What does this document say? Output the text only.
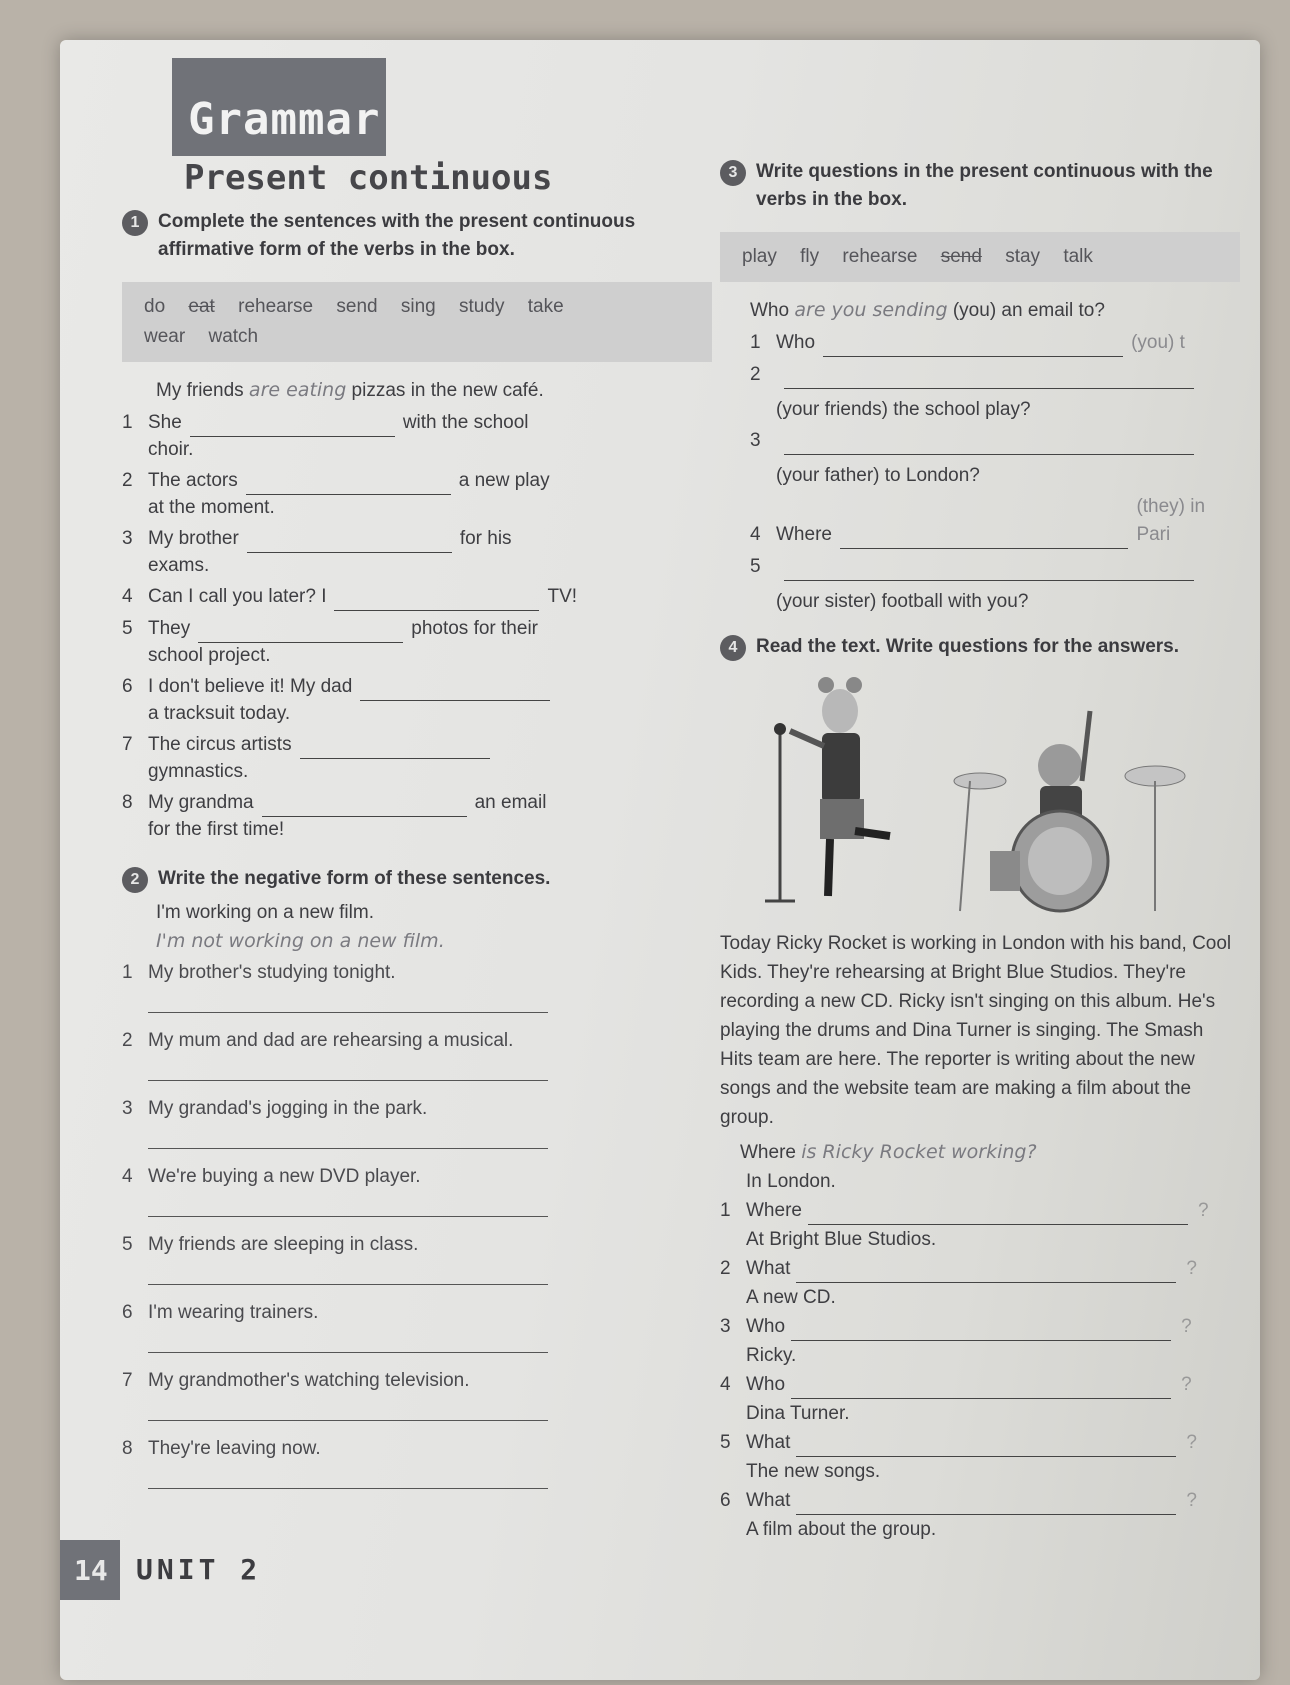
Grammar
Present continuous
1 Complete the sentences with the present continuous affirmative form of the verbs in the box.
do eat rehearse send sing study take
wear watch
My friends are eating pizzas in the new café.
1 She	with the school
choir.
2 The actors	a new play
at the moment.
3 My brother	for his
exams.
4 Can I call you later? I	TV!
5 They	photos for their
school project.
6 I don't believe it! My dad
a tracksuit today.
7 The circus artists
gymnastics.
8 My grandma	an email
for the first time!
2 Write the negative form of these sentences.
I'm working on a new film.
I'm not working on a new film.
1 My brother's studying tonight.
2 My mum and dad are rehearsing a musical.
3 My grandad's jogging in the park.
4 We're buying a new DVD player.
5 My friends are sleeping in class.
6 I'm wearing trainers.
7 My grandmother's watching television.
8 They're leaving now.
3 Write questions in the present continuous with the verbs in the box.
play fly rehearse send stay talk
Who are you sending (you) an email to?
1 Who	(you) t
2
(your friends) the school play?
3
(your father) to London?
4 Where
(they) in Pari
5
(your sister) football with you?
4 Read the text. Write questions for the answers.
Today Ricky Rocket is working in London with his band, Cool Kids. They're rehearsing at Bright Blue Studios. They're recording a new CD. Ricky isn't singing on this album. He's playing the drums and Dina Turner is singing. The Smash Hits team are here. The reporter is writing about the new songs and the website team are making a film about the group.
Where is Ricky Rocket working?
In London.
1 Where	?
At Bright Blue Studios.
2 What	?
A new CD.
3 Who	?
Ricky.
4 Who	?
Dina Turner.
5 What	?
The new songs.
6 What	?
A film about the group.
14	UNIT 2
